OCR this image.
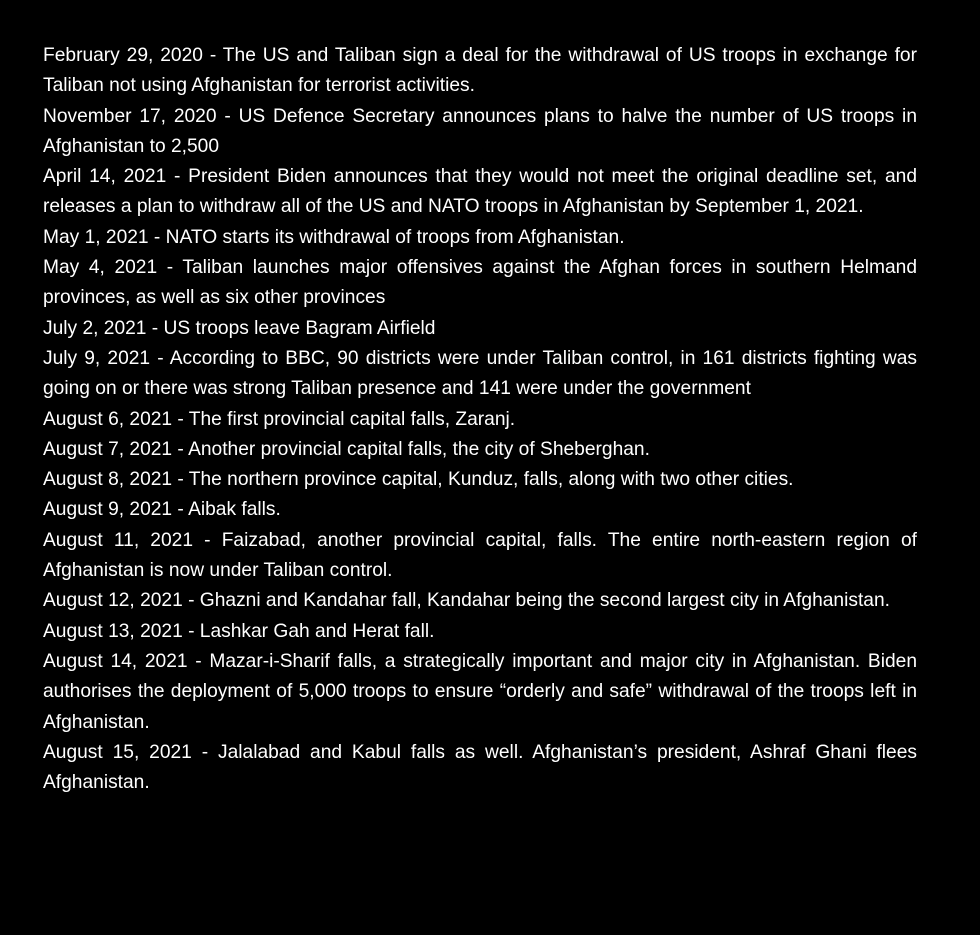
February 29, 2020 - The US and Taliban sign a deal for the withdrawal of US troops in exchange for Taliban not using Afghanistan for terrorist activities.
November 17, 2020 - US Defence Secretary announces plans to halve the number of US troops in Afghanistan to 2,500
April 14, 2021 - President Biden announces that they would not meet the original deadline set, and releases a plan to withdraw all of the US and NATO troops in Afghanistan by September 1, 2021.
May 1, 2021 - NATO starts its withdrawal of troops from Afghanistan.
May 4, 2021 - Taliban launches major offensives against the Afghan forces in southern Helmand provinces, as well as six other provinces
July 2, 2021 - US troops leave Bagram Airfield
July 9, 2021 - According to BBC, 90 districts were under Taliban control, in 161 districts fighting was going on or there was strong Taliban presence and 141 were under the government
August 6, 2021 - The first provincial capital falls, Zaranj.
August 7, 2021 - Another provincial capital falls, the city of Sheberghan.
August 8, 2021 - The northern province capital, Kunduz, falls, along with two other cities.
August 9, 2021 - Aibak falls.
August 11, 2021 - Faizabad, another provincial capital, falls. The entire north-eastern region of Afghanistan is now under Taliban control.
August 12, 2021 - Ghazni and Kandahar fall, Kandahar being the second largest city in Afghanistan.
August 13, 2021 - Lashkar Gah and Herat fall.
August 14, 2021 - Mazar-i-Sharif falls, a strategically important and major city in Afghanistan. Biden authorises the deployment of 5,000 troops to ensure “orderly and safe” withdrawal of the troops left in Afghanistan.
August 15, 2021 - Jalalabad and Kabul falls as well. Afghanistan’s president, Ashraf Ghani flees Afghanistan.
